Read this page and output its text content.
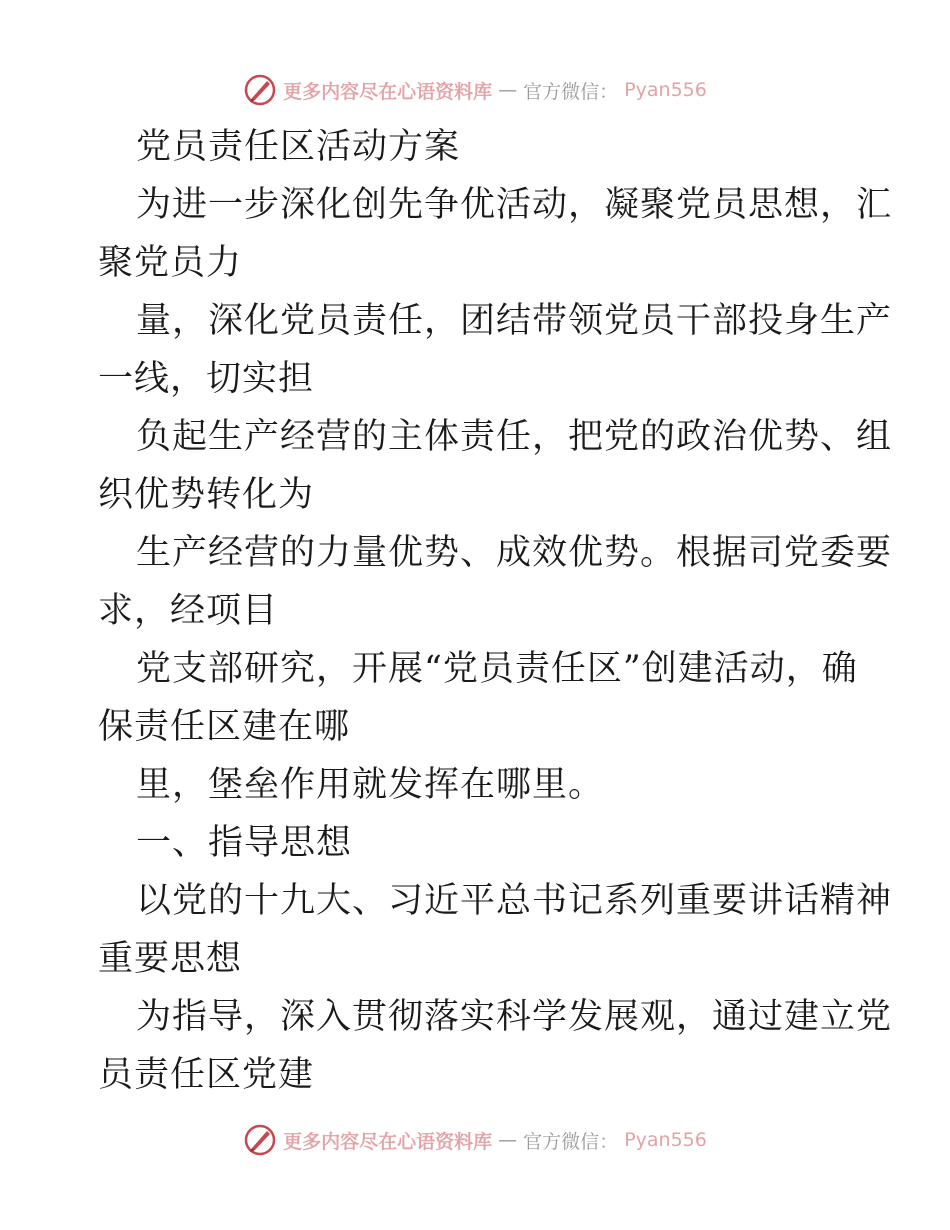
更多内容尽在心语资料库 — 官方微信： Pyan556
党员责任区活动方案
为进一步深化创先争优活动，凝聚党员思想，汇
聚党员力
量，深化党员责任，团结带领党员干部投身生产
一线，切实担
负起生产经营的主体责任，把党的政治优势、组
织优势转化为
生产经营的力量优势、成效优势。根据司党委要
求，经项目
党支部研究，开展“党员责任区”创建活动，确
保责任区建在哪
里，堡垒作用就发挥在哪里。
一、指导思想
以党的十九大、习近平总书记系列重要讲话精神
重要思想
为指导，深入贯彻落实科学发展观，通过建立党
员责任区党建
更多内容尽在心语资料库 — 官方微信： Pyan556
